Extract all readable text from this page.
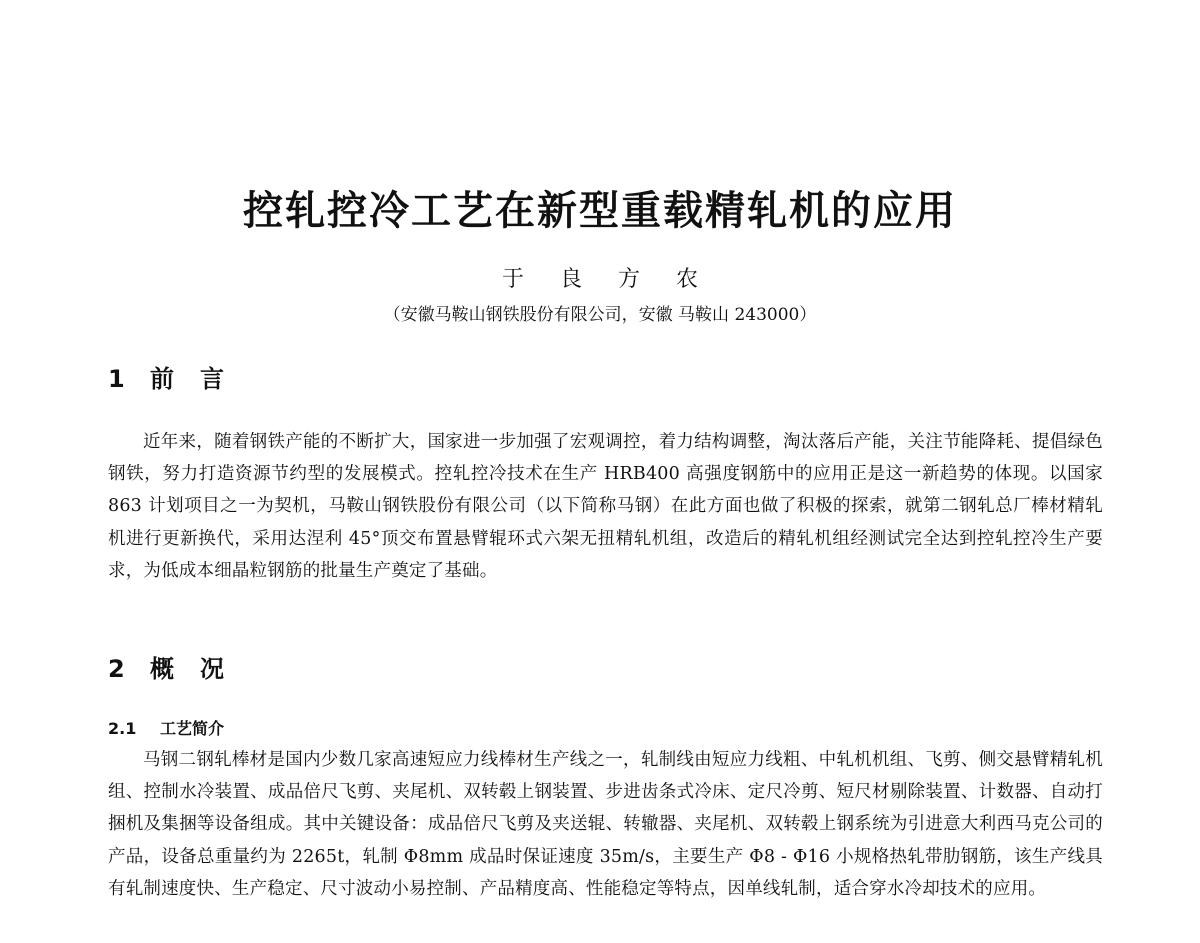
控轧控冷工艺在新型重载精轧机的应用
于 良 方 农
（安徽马鞍山钢铁股份有限公司，安徽 马鞍山 243000）
1 前 言

近年来，随着钢铁产能的不断扩大，国家进一步加强了宏观调控，着力结构调整，淘汰落后产能，关注节能降耗、提倡绿色钢铁，努力打造资源节约型的发展模式。控轧控冷技术在生产 HRB400 高强度钢筋中的应用正是这一新趋势的体现。以国家 863 计划项目之一为契机，马鞍山钢铁股份有限公司（以下简称马钢）在此方面也做了积极的探索，就第二钢轧总厂棒材精轧机进行更新换代，采用达涅利 45°顶交布置悬臂辊环式六架无扭精轧机组，改造后的精轧机组经测试完全达到控轧控冷生产要求，为低成本细晶粒钢筋的批量生产奠定了基础。

2 概 况
2.1 工艺简介

马钢二钢轧棒材是国内少数几家高速短应力线棒材生产线之一，轧制线由短应力线粗、中轧机机组、飞剪、侧交悬臂精轧机组、控制水冷装置、成品倍尺飞剪、夹尾机、双转毂上钢装置、步进齿条式冷床、定尺冷剪、短尺材剔除装置、计数器、自动打捆机及集捆等设备组成。其中关键设备：成品倍尺飞剪及夹送辊、转辙器、夹尾机、双转毂上钢系统为引进意大利西马克公司的产品，设备总重量约为 2265t，轧制 Φ8mm 成品时保证速度 35m/s，主要生产 Φ8 - Φ16 小规格热轧带肋钢筋，该生产线具有轧制速度快、生产稳定、尺寸波动小易控制、产品精度高、性能稳定等特点，因单线轧制，适合穿水冷却技术的应用。
